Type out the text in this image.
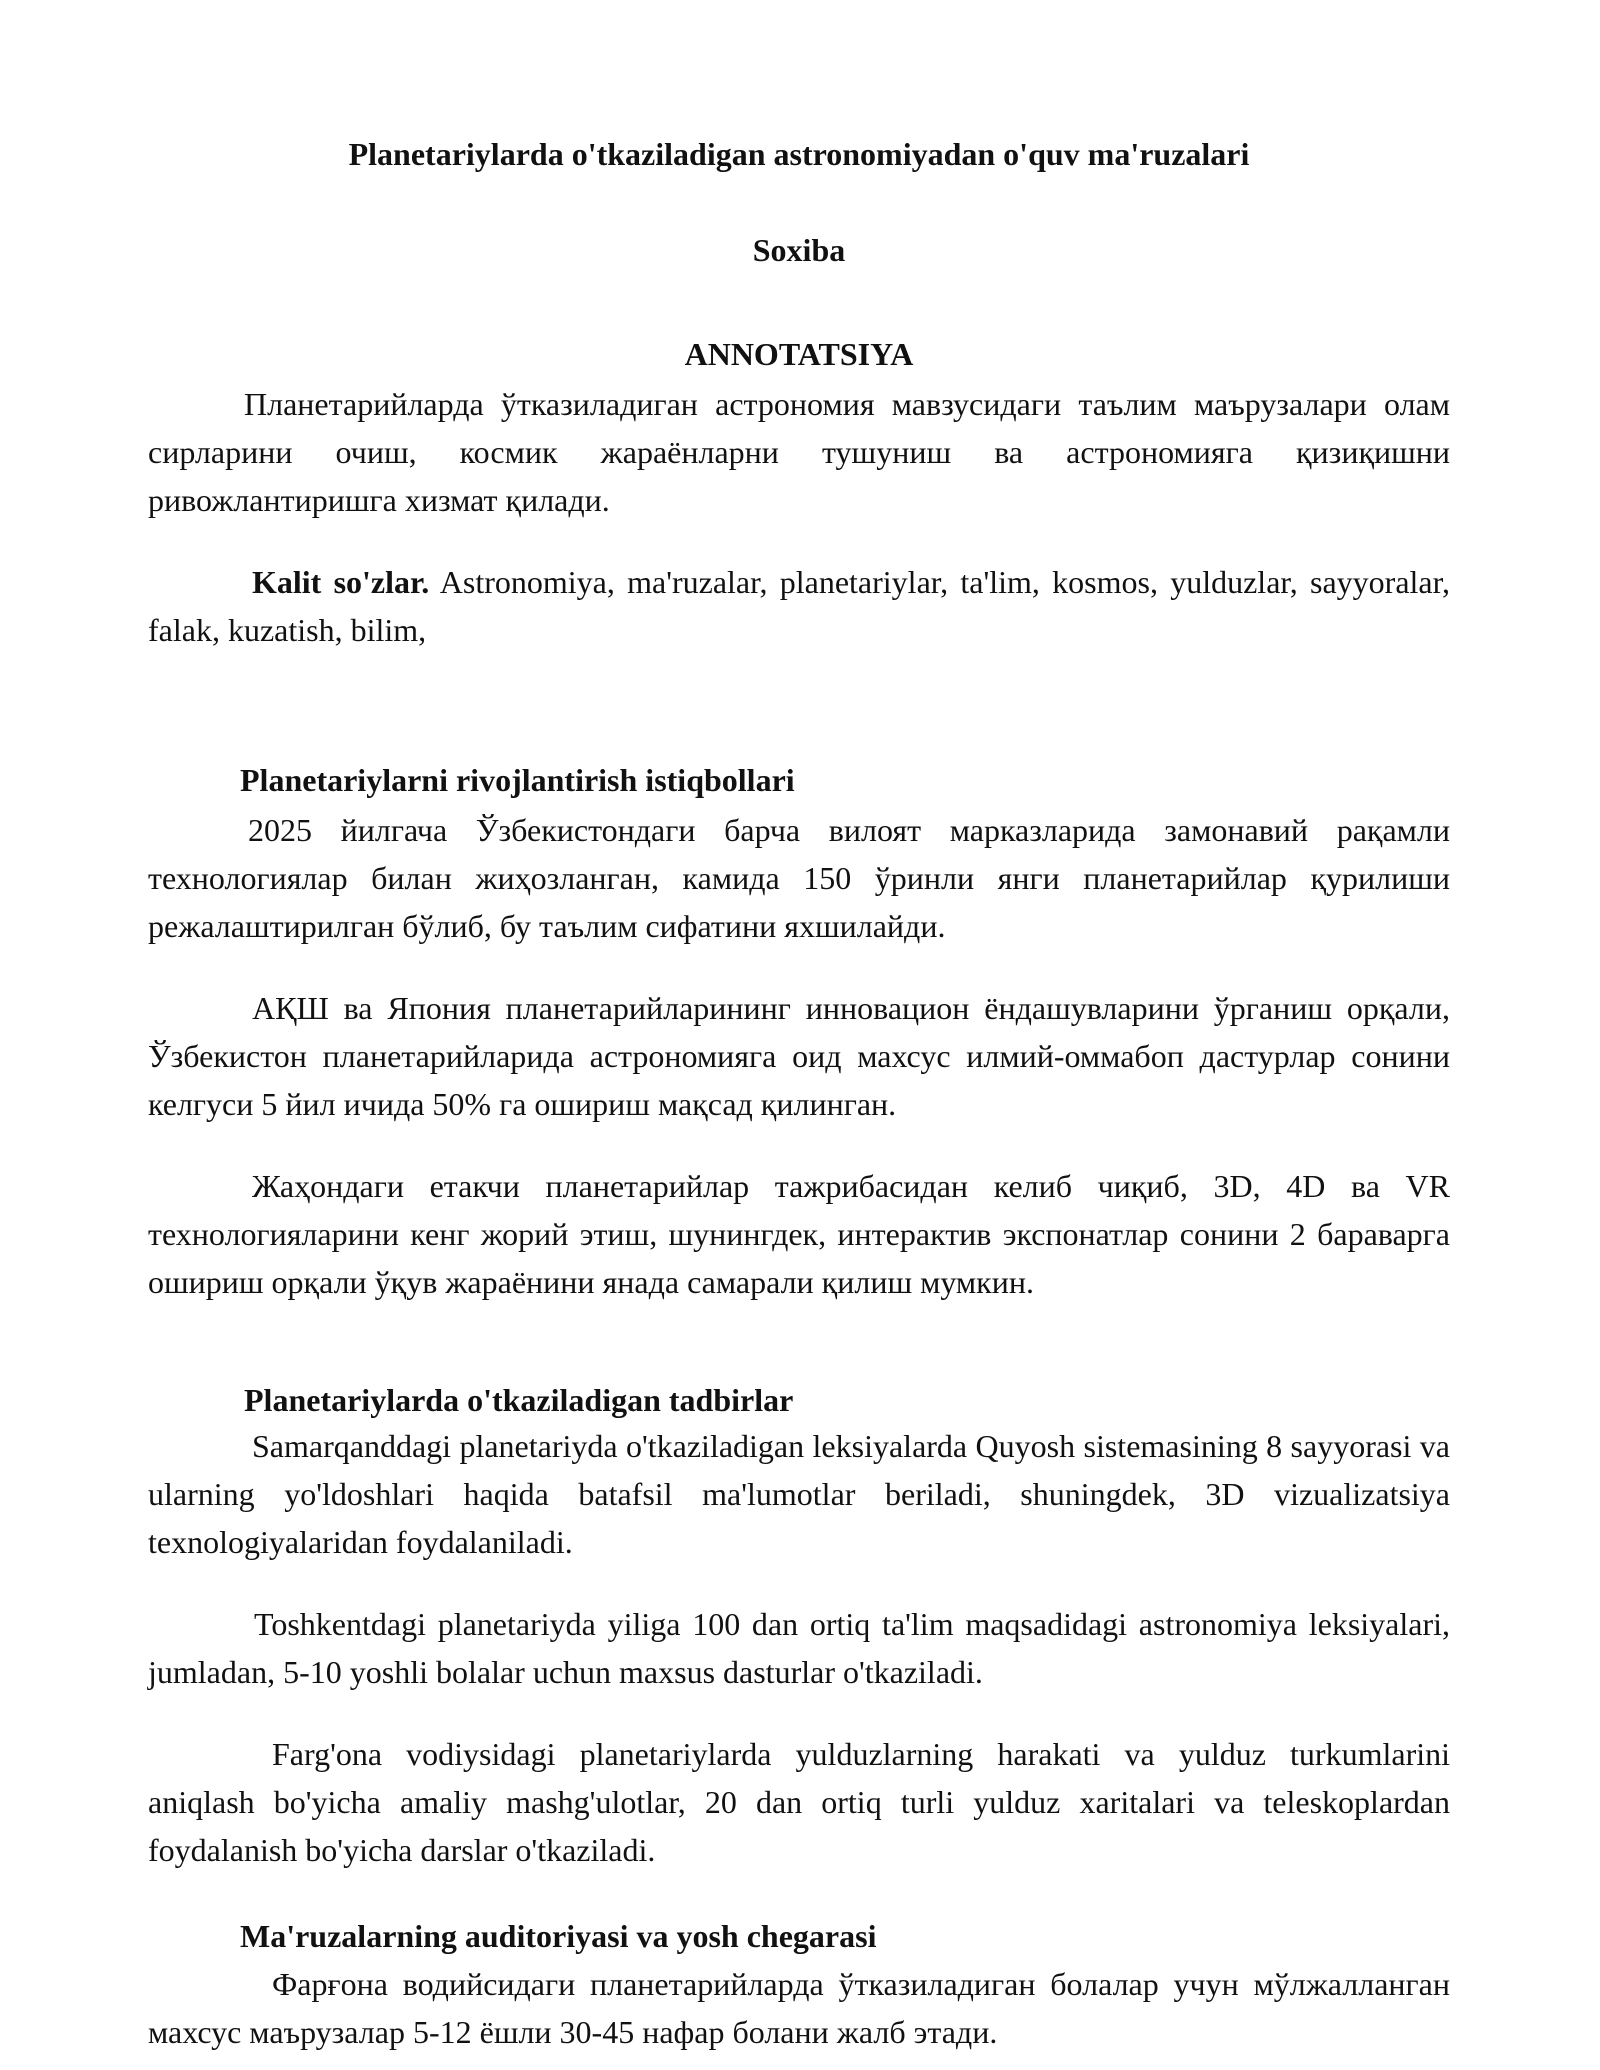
Planetariylarda o'tkaziladigan astronomiyadan o'quv ma'ruzalari
Soxiba
ANNOTATSIYA
Планетарийларда ўтказиладиган астрономия мавзусидаги таълим маърузалари олам сирларини очиш, космик жараёнларни тушуниш ва астрономияга қизиқишни ривожлантиришга хизмат қилади.
Kalit so'zlar. Astronomiya, ma'ruzalar, planetariylar, ta'lim, kosmos, yulduzlar, sayyoralar, falak, kuzatish, bilim,
Planetariylarni rivojlantirish istiqbollari
2025 йилгача Ўзбекистондаги барча вилоят марказларида замонавий рақамли технологиялар билан жиҳозланган, камида 150 ўринли янги планетарийлар қурилиши режалаштирилган бўлиб, бу таълим сифатини яхшилайди.
АҚШ ва Япония планетарийларининг инновацион ёндашувларини ўрганиш орқали, Ўзбекистон планетарийларида астрономияга оид махсус илмий-оммабоп дастурлар сонини келгуси 5 йил ичида 50% га ошириш мақсад қилинган.
Жаҳондаги етакчи планетарийлар тажрибасидан келиб чиқиб, 3D, 4D ва VR технологияларини кенг жорий этиш, шунингдек, интерактив экспонатлар сонини 2 бараварга ошириш орқали ўқув жараёнини янада самарали қилиш мумкин.
Planetariylarda o'tkaziladigan tadbirlar
Samarqanddagi planetariyda o'tkaziladigan leksiyalarda Quyosh sistemasining 8 sayyorasi va ularning yo'ldoshlari haqida batafsil ma'lumotlar beriladi, shuningdek, 3D vizualizatsiya texnologiyalaridan foydalaniladi.
Toshkentdagi planetariyda yiliga 100 dan ortiq ta'lim maqsadidagi astronomiya leksiyalari, jumladan, 5-10 yoshli bolalar uchun maxsus dasturlar o'tkaziladi.
Farg'ona vodiysidagi planetariylarda yulduzlarning harakati va yulduz turkumlarini aniqlash bo'yicha amaliy mashg'ulotlar, 20 dan ortiq turli yulduz xaritalari va teleskoplardan foydalanish bo'yicha darslar o'tkaziladi.
Ma'ruzalarning auditoriyasi va yosh chegarasi
Фарғона водийсидаги планетарийларда ўтказиладиган болалар учун мўлжалланган махсус маърузалар 5-12 ёшли 30-45 нафар болани жалб этади.
